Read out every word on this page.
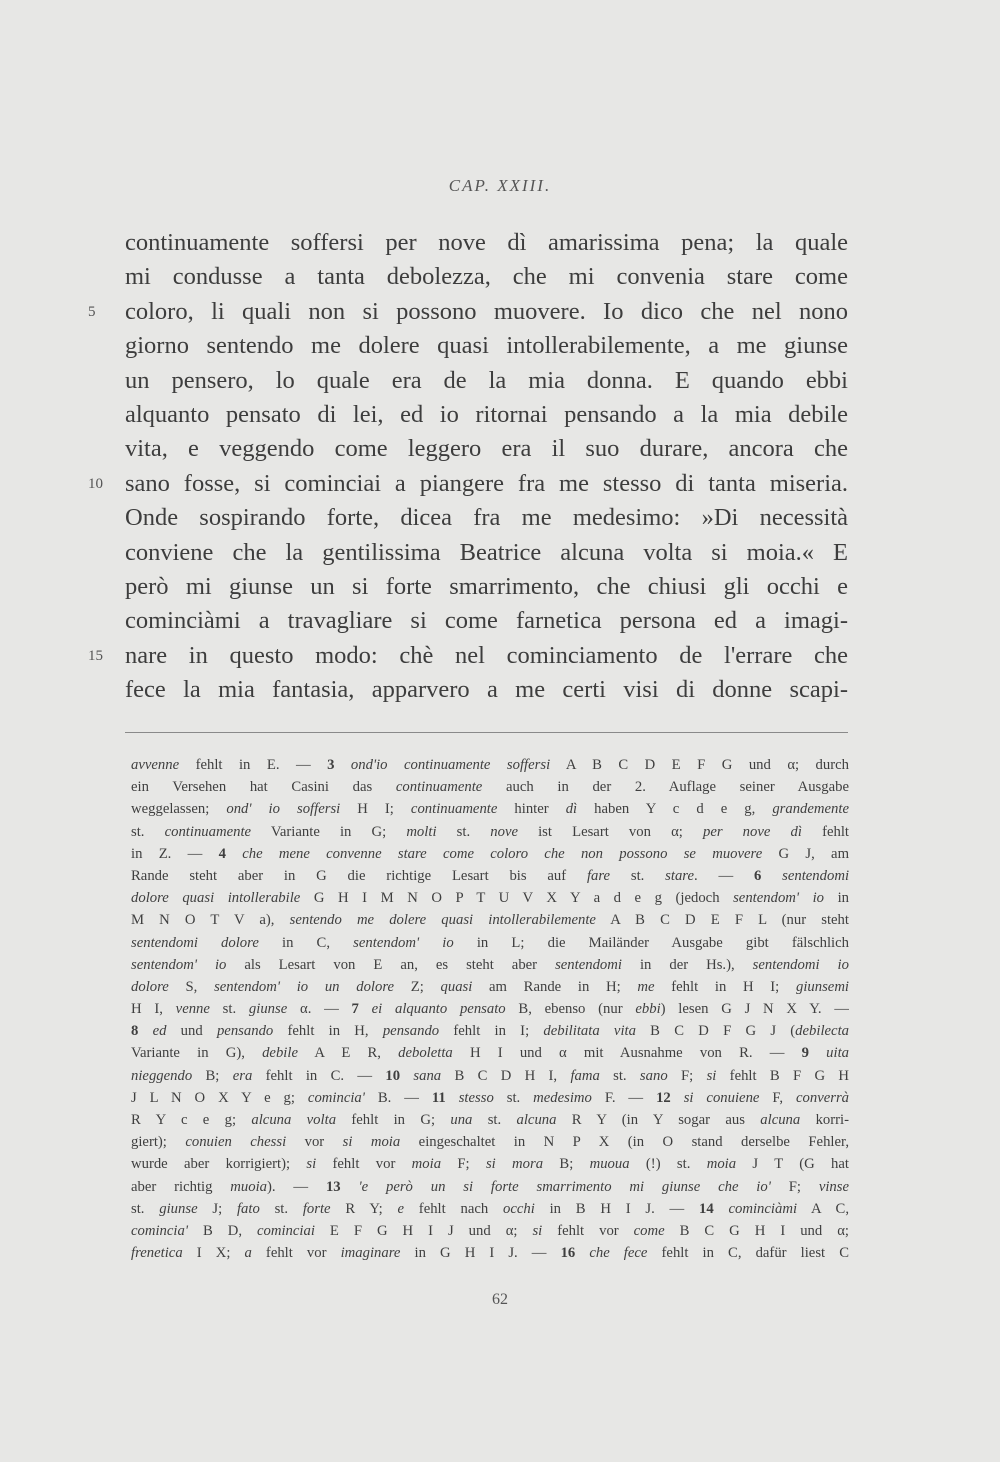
CAP. XXIII.
continuamente soffersi per nove dì amarissima pena; la quale
mi condusse a tanta debolezza, che mi convenia stare come
5 coloro, li quali non si possono muovere. Io dico che nel nono
giorno sentendo me dolere quasi intollerabilemente, a me giunse
un pensero, lo quale era de la mia donna. E quando ebbi
alquanto pensato di lei, ed io ritornai pensando a la mia debile
vita, e veggendo come leggero era il suo durare, ancora che
10 sano fosse, si cominciai a piangere fra me stesso di tanta miseria.
Onde sospirando forte, dicea fra me medesimo: »Di necessità
conviene che la gentilissima Beatrice alcuna volta si moia.« E
però mi giunse un si forte smarrimento, che chiusi gli occhi e
cominciàmi a travagliare si come farnetica persona ed a imagi-
15 nare in questo modo: chè nel cominciamento de l'errare che
fece la mia fantasia, apparvero a me certi visi di donne scapi-
avvenne fehlt in E. — 3 ond'io continuamente soffersi A B C D E F G und α; durch
ein Versehen hat Casini das continuamente auch in der 2. Auflage seiner Ausgabe
weggelassen; ond' io soffersi H I; continuamente hinter dì haben Y c d e g, grandemente
st. continuamente Variante in G; molti st. nove ist Lesart von α; per nove dì fehlt
in Z. — 4 che mene convenne stare come coloro che non possono se muovere G J, am
Rande steht aber in G die richtige Lesart bis auf fare st. stare. — 6 sentendomi
dolore quasi intollerabile G H I M N O P T U V X Y a d e g (jedoch sentendom' io in
M N O T V a), sentendo me dolere quasi intollerabilemente A B C D E F L (nur steht
sentendomi dolore in C, sentendom' io in L; die Mailänder Ausgabe gibt fälschlich
sentendom' io als Lesart von E an, es steht aber sentendomi in der Hs.), sentendomi io
dolore S, sentendom' io un dolore Z; quasi am Rande in H; me fehlt in H I; giunsemi
H I, venne st. giunse α. — 7 ei alquanto pensato B, ebenso (nur ebbi) lesen G J N X Y. —
8 ed und pensando fehlt in H, pensando fehlt in I; debilitata vita B C D F G J (debilecta
Variante in G), debile A E R, deboletta H I und α mit Ausnahme von R. — 9 uita
nieggendo B; era fehlt in C. — 10 sana B C D H I, fama st. sano F; si fehlt B F G H
J L N O X Y e g; comincia' B. — 11 stesso st. medesimo F. — 12 si conuiene F, converrà
R Y c e g; alcuna volta fehlt in G; una st. alcuna R Y (in Y sogar aus alcuna korri-
giert); conuien chessi vor si moia eingeschaltet in N P X (in O stand derselbe Fehler,
wurde aber korrigiert); si fehlt vor moia F; si mora B; muoua (!) st. moia J T (G hat
aber richtig muoia). — 13 'e però un si forte smarrimento mi giunse che io' F; vinse
st. giunse J; fato st. forte R Y; e fehlt nach occhi in B H I J. — 14 cominciàmi A C,
comincia' B D, cominciai E F G H I J und α; si fehlt vor come B C G H I und α;
frenetica I X; a fehlt vor imaginare in G H I J. — 16 che fece fehlt in C, dafür liest C
62
